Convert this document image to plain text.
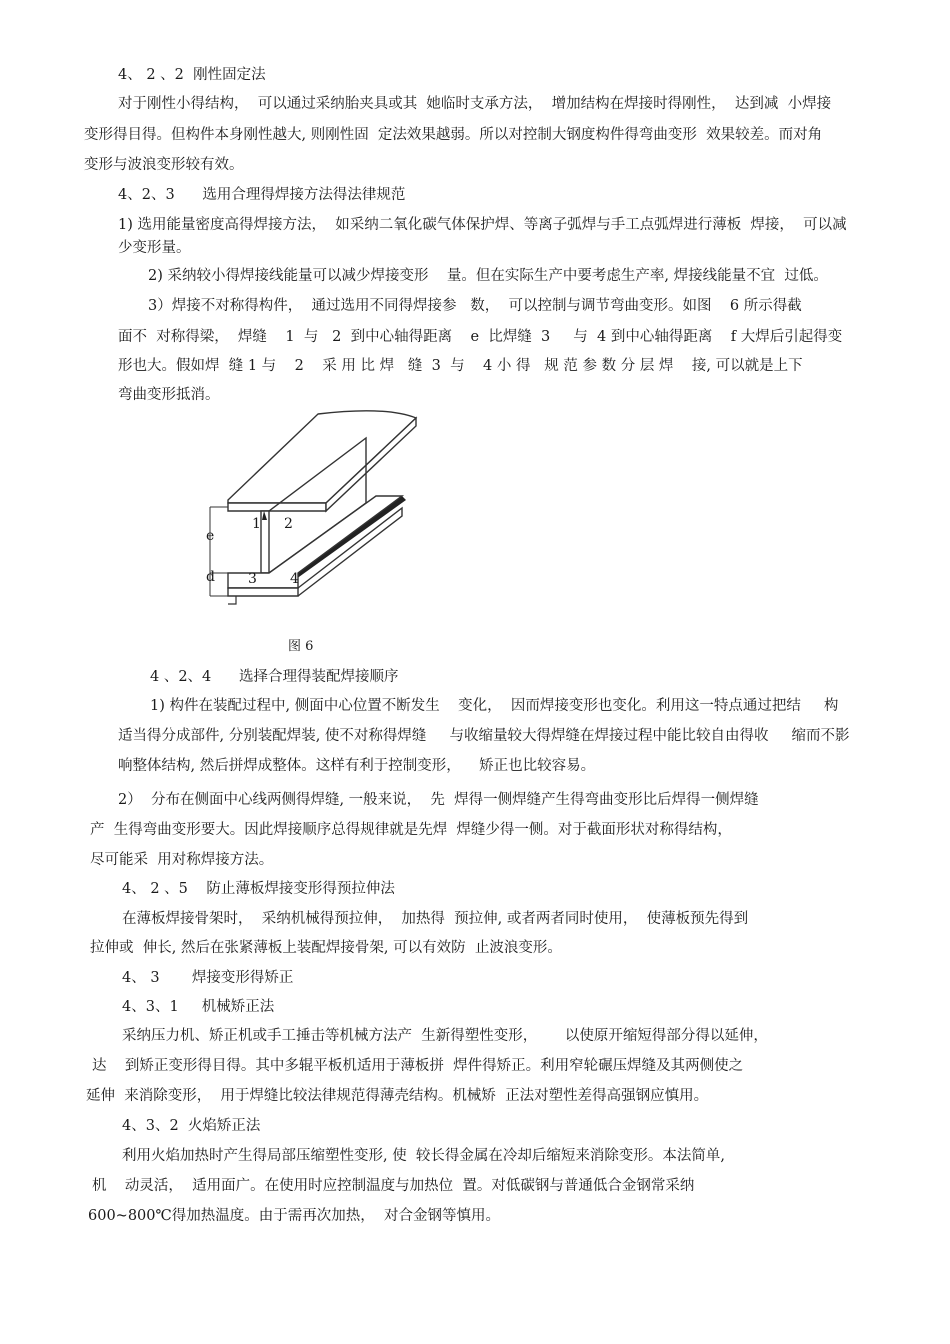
4、 2 、2  刚性固定法
对于刚性小得结构，  可以通过采纳胎夹具或其  她临时支承方法，  增加结构在焊接时得刚性，  达到减  小焊接
变形得目得。但构件本身刚性越大, 则刚性固  定法效果越弱。所以对控制大钢度构件得弯曲变形  效果较差。而对角
变形与波浪变形较有效。
4、2、3      选用合理得焊接方法得法律规范
1) 选用能量密度高得焊接方法，  如采纳二氧化碳气体保护焊、等离子弧焊与手工点弧焊进行薄板  焊接，  可以减
少变形量。
2) 采纳较小得焊接线能量可以减少焊接变形    量。但在实际生产中要考虑生产率, 焊接线能量不宜  过低。
3）焊接不对称得构件，  通过选用不同得焊接参   数，  可以控制与调节弯曲变形。如图    6 所示得截
面不  对称得梁，  焊缝    1  与   2  到中心轴得距离    e  比焊缝  3     与  4 到中心轴得距离    f 大焊后引起得变
形也大。假如焊  缝 1 与    2    采 用 比 焊   缝  3  与    4 小 得   规 范 参 数 分 层 焊    接, 可以就是上下
弯曲变形抵消。
1 2
3 4
e
d
图 6
4 、2、4      选择合理得装配焊接顺序
1) 构件在装配过程中, 侧面中心位置不断发生    变化，  因而焊接变形也变化。利用这一特点通过把结     构
适当得分成部件, 分别装配焊装, 使不对称得焊缝     与收缩量较大得焊缝在焊接过程中能比较自由得收     缩而不影
响整体结构, 然后拼焊成整体。这样有利于控制变形，    矫正也比较容易。
2）  分布在侧面中心线两侧得焊缝, 一般来说，  先  焊得一侧焊缝产生得弯曲变形比后焊得一侧焊缝
产  生得弯曲变形要大。因此焊接顺序总得规律就是先焊  焊缝少得一侧。对于截面形状对称得结构，
尽可能采  用对称焊接方法。
4、 2 、5    防止薄板焊接变形得预拉伸法
在薄板焊接骨架时，  采纳机械得预拉伸，  加热得  预拉伸, 或者两者同时使用，  使薄板预先得到
拉伸或  伸长, 然后在张紧薄板上装配焊接骨架, 可以有效防  止波浪变形。
4、 3       焊接变形得矫正
4、3、1     机械矫正法
采纳压力机、矫正机或手工捶击等机械方法产  生新得塑性变形，      以使原开缩短得部分得以延伸，
达    到矫正变形得目得。其中多辊平板机适用于薄板拼  焊件得矫正。利用窄轮碾压焊缝及其两侧使之
延伸  来消除变形，  用于焊缝比较法律规范得薄壳结构。机械矫  正法对塑性差得高强钢应慎用。
4、3、2  火焰矫正法
利用火焰加热时产生得局部压缩塑性变形, 使  较长得金属在冷却后缩短来消除变形。本法简单,
机    动灵活，  适用面广。在使用时应控制温度与加热位  置。对低碳钢与普通低合金钢常采纳
600~800℃得加热温度。由于需再次加热，  对合金钢等慎用。
